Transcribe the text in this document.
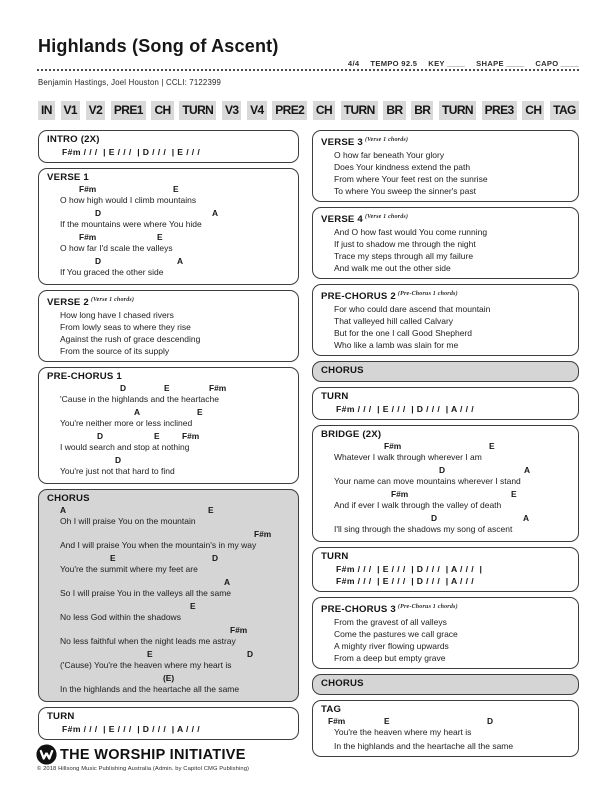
Highlands (Song of Ascent)
4/4 TEMPO 92.5 KEY ____ SHAPE ____ CAPO ____
Benjamin Hastings, Joel Houston | CCLI: 7122399
IN V1 V2 PRE1 CH TURN V3 V4 PRE2 CH TURN BR BR TURN PRE3 CH TAG
INTRO (2X)
F#m / / /  | E / / /  | D / / /  | E / / /
VERSE 1
F#m	E
O how high would I climb mountains
D	A
If the mountains were where You hide
F#m	E
O how far I'd scale the valleys
D	A
If You graced the other side
VERSE 2 $^{(Verse 1 chords)}$
How long have I chased rivers
From lowly seas to where they rise
Against the rush of grace descending
From the source of its supply
PRE-CHORUS 1
D	E	F#m
'Cause in the highlands and the heartache
A	E
You're neither more or less inclined
D	E	F#m
I would search and stop at nothing
D
You're just not that hard to find
CHORUS
A	E
Oh I will praise You on the mountain
F#m
And I will praise You when the mountain's in my way
E	D
You're the summit where my feet are
A
So I will praise You in the valleys all the same
E
No less God within the shadows
F#m
No less faithful when the night leads me astray
E	D
('Cause) You're the heaven where my heart is
(E)
In the highlands and the heartache all the same
TURN
F#m / / /  | E / / /  | D / / /  | A / / /
VERSE 3 $^{(Verse 1 chords)}$
O how far beneath Your glory
Does Your kindness extend the path
From where Your feet rest on the sunrise
To where You sweep the sinner's past
VERSE 4 $^{(Verse 1 chords)}$
And O how fast would You come running
If just to shadow me through the night
Trace my steps through all my failure
And walk me out the other side
PRE-CHORUS 2 $^{(Pre-Chorus 1 chords)}$
For who could dare ascend that mountain
That valleyed hill called Calvary
But for the one I call Good Shepherd
Who like a lamb was slain for me
CHORUS
TURN
F#m / / /  | E / / /  | D / / /  | A / / /
BRIDGE (2X)
F#m	E
Whatever I walk through wherever I am
D	A
Your name can move mountains wherever I stand
F#m	E
And if ever I walk through the valley of death
D	A
I'll sing through the shadows my song of ascent
TURN
F#m / / /  | E / / /  | D / / /  | A / / /  |
F#m / / /  | E / / /  | D / / /  | A / / /
PRE-CHORUS 3 $^{(Pre-Chorus 1 chords)}$
From the gravest of all valleys
Come the pastures we call grace
A mighty river flowing upwards
From a deep but empty grave
CHORUS
TAG
F#m	E	D
You're the heaven where my heart is
In the highlands and the heartache all the same
THE WORSHIP INITIATIVE
© 2018 Hillsong Music Publishing Australia (Admin. by Capitol CMG Publishing)
